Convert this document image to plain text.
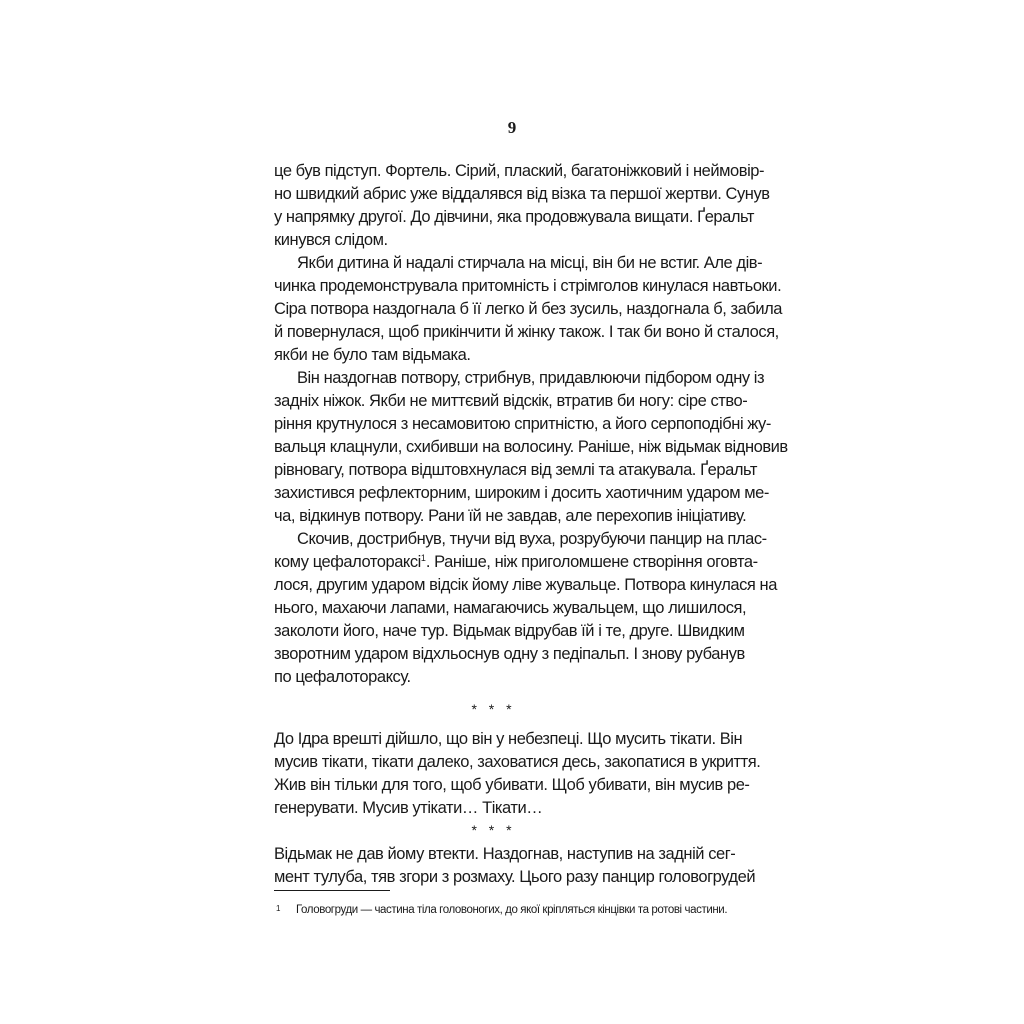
9
це був підступ. Фортель. Сірий, плаский, багатоніжковий і неймовір-
но швидкий абрис уже віддалявся від візка та першої жертви. Сунув
у напрямку другої. До дівчини, яка продовжувала вищати. Ґеральт
кинувся слідом.
Якби дитина й надалі стирчала на місці, він би не встиг. Але дів-
чинка продемонструвала притомність і стрімголов кинулася навтьоки.
Сіра потвора наздогнала б її легко й без зусиль, наздогнала б, забила
й повернулася, щоб прикінчити й жінку також. І так би воно й сталося,
якби не було там відьмака.
Він наздогнав потвору, стрибнув, придавлюючи підбором одну із
задніх ніжок. Якби не миттєвий відскік, втратив би ногу: сіре ство-
ріння крутнулося з несамовитою спритністю, а його серпоподібні жу-
вальця клацнули, схибивши на волосину. Раніше, ніж відьмак відновив
рівновагу, потвора відштовхнулася від землі та атакувала. Ґеральт
захистився рефлекторним, широким і досить хаотичним ударом ме-
ча, відкинув потвору. Рани їй не завдав, але перехопив ініціативу.
Скочив, дострибнув, тнучи від вуха, розрубуючи панцир на плас-
кому цефалотораксі$^1$. Раніше, ніж приголомшене створіння оговта-
лося, другим ударом відсік йому ліве жувальце. Потвора кинулася на
нього, махаючи лапами, намагаючись жувальцем, що лишилося,
заколоти його, наче тур. Відьмак відрубав їй і те, друге. Швидким
зворотним ударом відхльоснув одну з педіпальп. І знову рубанув
по цефалотораксу.
* * *
До Ідра врешті дійшло, що він у небезпеці. Що мусить тікати. Він
мусив тікати, тікати далеко, заховатися десь, закопатися в укриття.
Жив він тільки для того, щоб убивати. Щоб убивати, він мусив ре-
генерувати. Мусив утікати… Тікати…
* * *
Відьмак не дав йому втекти. Наздогнав, наступив на задній сег-
мент тулуба, тяв згори з розмаху. Цього разу панцир головогрудей
1 Головогруди — частина тіла головоногих, до якої кріпляться кінцівки та ротові частини.
